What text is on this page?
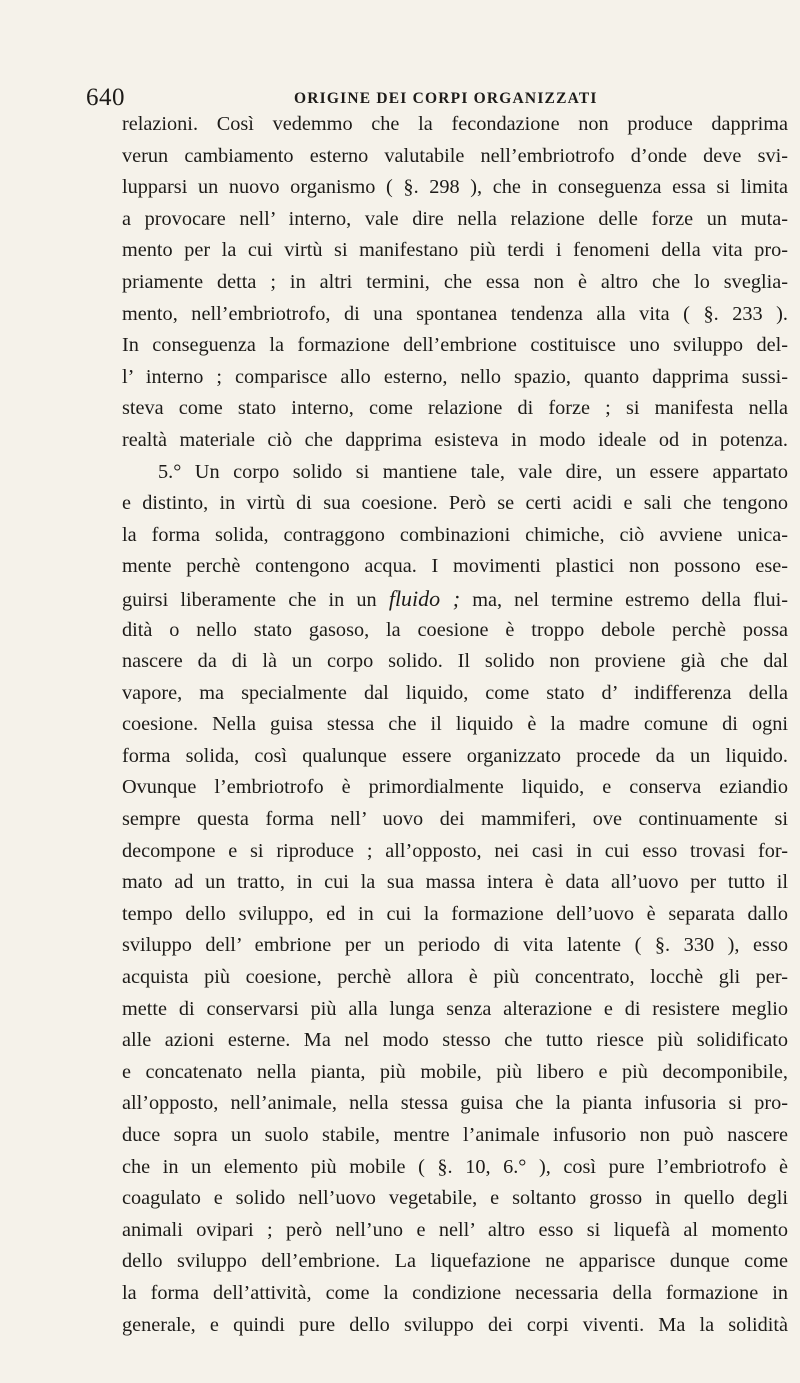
640	ORIGINE DEI CORPI ORGANIZZATI
relazioni. Così vedemmo che la fecondazione non produce dapprima
verun cambiamento esterno valutabile nell’embriotrofo d’onde deve svi-
lupparsi un nuovo organismo ( §. 298 ), che in conseguenza essa si limita
a provocare nell’ interno, vale dire nella relazione delle forze un muta-
mento per la cui virtù si manifestano più terdi i fenomeni della vita pro-
priamente detta ; in altri termini, che essa non è altro che lo sveglia-
mento, nell’embriotrofo, di una spontanea tendenza alla vita ( §. 233 ).
In conseguenza la formazione dell’embrione costituisce uno sviluppo del-
l’ interno ; comparisce allo esterno, nello spazio, quanto dapprima sussi-
steva come stato interno, come relazione di forze ; si manifesta nella
realtà materiale ciò che dapprima esisteva in modo ideale od in potenza.
5.° Un corpo solido si mantiene tale, vale dire, un essere appartato
e distinto, in virtù di sua coesione. Però se certi acidi e sali che tengono
la forma solida, contraggono combinazioni chimiche, ciò avviene unica-
mente perchè contengono acqua. I movimenti plastici non possono ese-
guirsi liberamente che in un fluido ; ma, nel termine estremo della flui-
dità o nello stato gasoso, la coesione è troppo debole perchè possa
nascere da di là un corpo solido. Il solido non proviene già che dal
vapore, ma specialmente dal liquido, come stato d’ indifferenza della
coesione. Nella guisa stessa che il liquido è la madre comune di ogni
forma solida, così qualunque essere organizzato procede da un liquido.
Ovunque l’embriotrofo è primordialmente liquido, e conserva eziandio
sempre questa forma nell’ uovo dei mammiferi, ove continuamente si
decompone e si riproduce ; all’opposto, nei casi in cui esso trovasi for-
mato ad un tratto, in cui la sua massa intera è data all’uovo per tutto il
tempo dello sviluppo, ed in cui la formazione dell’uovo è separata dallo
sviluppo dell’ embrione per un periodo di vita latente ( §. 330 ), esso
acquista più coesione, perchè allora è più concentrato, locchè gli per-
mette di conservarsi più alla lunga senza alterazione e di resistere meglio
alle azioni esterne. Ma nel modo stesso che tutto riesce più solidificato
e concatenato nella pianta, più mobile, più libero e più decomponibile,
all’opposto, nell’animale, nella stessa guisa che la pianta infusoria si pro-
duce sopra un suolo stabile, mentre l’animale infusorio non può nascere
che in un elemento più mobile ( §. 10, 6.° ), così pure l’embriotrofo è
coagulato e solido nell’uovo vegetabile, e soltanto grosso in quello degli
animali ovipari ; però nell’uno e nell’ altro esso si liquefà al momento
dello sviluppo dell’embrione. La liquefazione ne apparisce dunque come
la forma dell’attività, come la condizione necessaria della formazione in
generale, e quindi pure dello sviluppo dei corpi viventi. Ma la solidità
